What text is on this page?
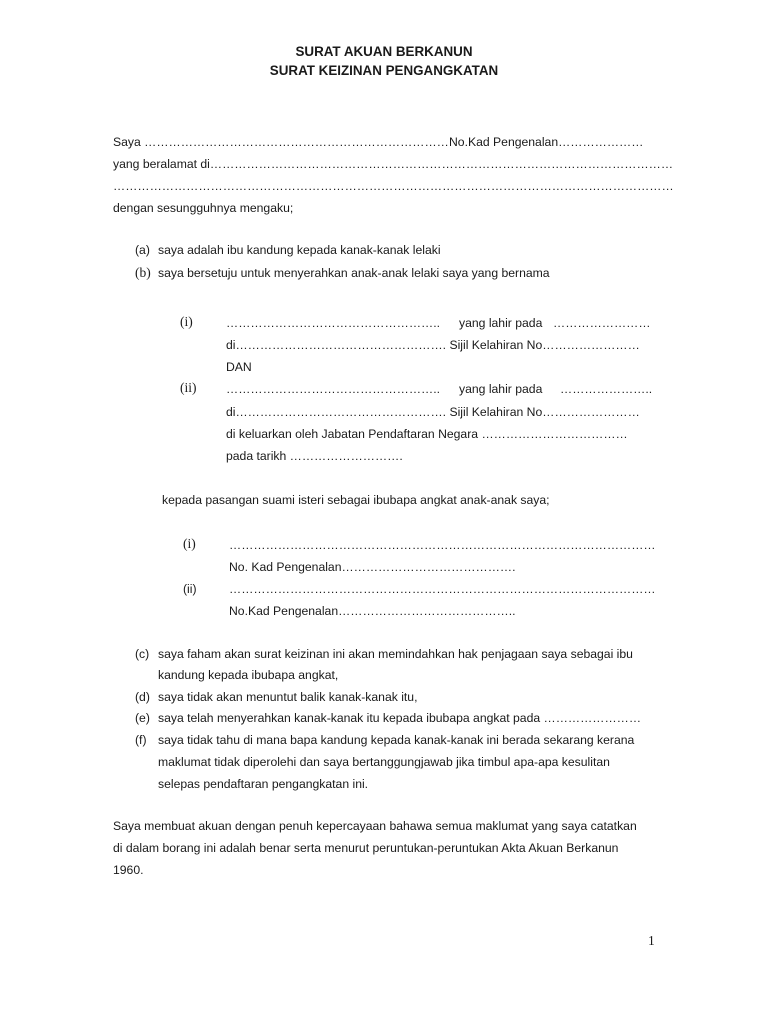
SURAT AKUAN BERKANUN
SURAT KEIZINAN PENGANGKATAN
Saya ………………………………………………………………… No.Kad Pengenalan…………………
yang beralamat di……………………………………………………………………………………………………
…………………………………………………………………………………………………………………………
dengan sesungguhnya mengaku;
(a) saya adalah ibu kandung kepada kanak-kanak lelaki
(b) saya bersetuju untuk menyerahkan anak-anak lelaki saya yang bernama
(i)	…………………………………………….. yang lahir pada ……………………
di……………………………………………. Sijil Kelahiran No……………………
DAN
(ii) …………………………………………….. yang lahir pada …………………..
di……………………………………………. Sijil Kelahiran No……………………
di keluarkan oleh Jabatan Pendaftaran Negara ………………………………
pada tarikh ……………………….
kepada pasangan suami isteri sebagai ibubapa angkat anak-anak saya;
(i)	……………………………………………………………………………………………
No. Kad Pengenalan…………………………………….
(ii)	……………………………………………………………………………………………
No.Kad Pengenalan……………………………………..
(c) saya faham akan surat keizinan ini akan memindahkan hak penjagaan saya sebagai ibu
kandung kepada ibubapa angkat,
(d) saya tidak akan menuntut balik kanak-kanak itu,
(e) saya telah menyerahkan kanak-kanak itu kepada ibubapa angkat pada ……………………
(f) saya tidak tahu di mana bapa kandung kepada kanak-kanak ini berada sekarang kerana
maklumat tidak diperolehi dan saya bertanggungjawab jika timbul apa-apa kesulitan
selepas pendaftaran pengangkatan ini.
Saya membuat akuan dengan penuh kepercayaan bahawa semua maklumat yang saya catatkan
di dalam borang ini adalah benar serta menurut peruntukan-peruntukan Akta Akuan Berkanun
1960.
1
